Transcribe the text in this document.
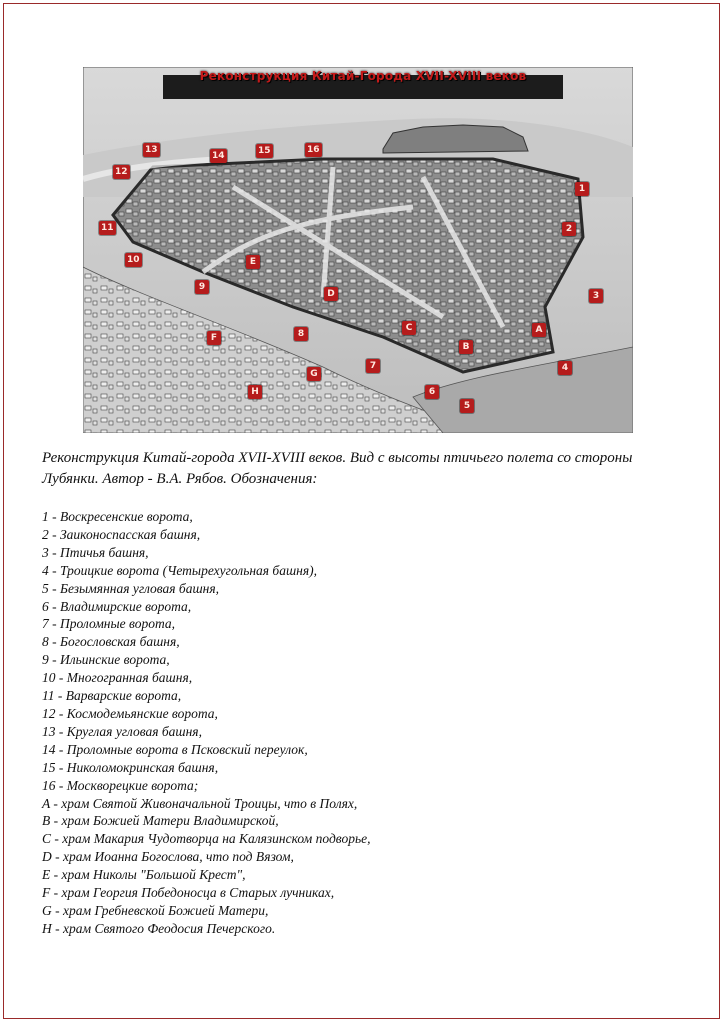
Реконструкция Китай-Города XVII-XVIII веков
1
2
3
4
5
6
7
8
9
10
11
12
13
14	15	16
A
B
C
D
E
F
G
H

Реконструкция Китай-города XVII-XVIII веков. Вид с высоты птичьего полета со стороны Лубянки. Автор - В.А. Рябов. Обозначения:

1 - Воскресенские ворота,
2 - Заиконоспасская башня,
3 - Птичья башня,
4 - Троицкие ворота (Четырехугольная башня),
5 - Безымянная угловая башня,
6 - Владимирские ворота,
7 - Проломные ворота,
8 - Богословская башня,
9 - Ильинские ворота,
10 - Многогранная башня,
11 - Варварские ворота,
12 - Космодемьянские ворота,
13 - Круглая угловая башня,
14 - Проломные ворота в Псковский переулок,
15 - Николомокринская башня,
16 - Москворецкие ворота;
A - храм Святой Живоначальной Троицы, что в Полях,
B - храм Божией Матери Владимирской,
C - храм Макария Чудотворца на Калязинском подворье,
D - храм Иоанна Богослова, что под Вязом,
E - храм Николы "Большой Крест",
F - храм Георгия Победоносца в Старых лучниках,
G - храм Гребневской Божией Матери,
H - храм Святого Феодосия Печерского.
